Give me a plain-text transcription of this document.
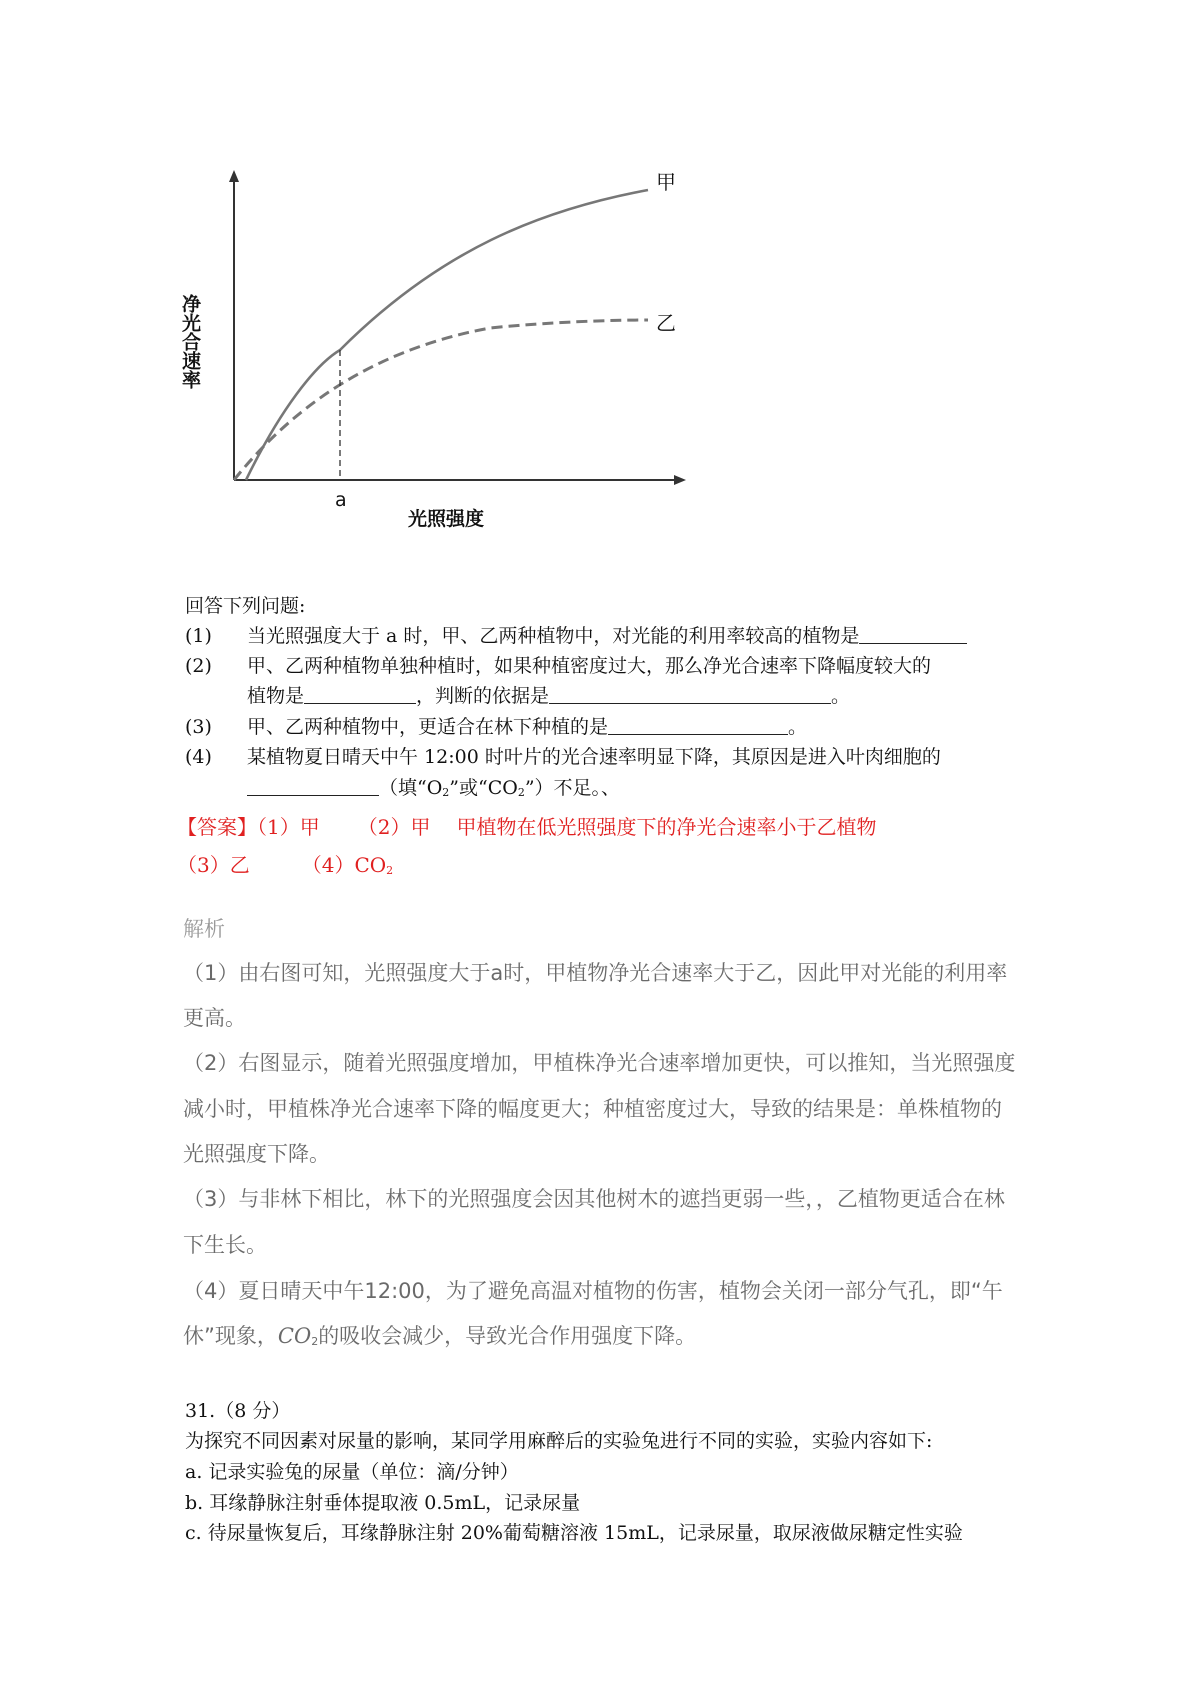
甲
乙
a
光照强度
净光合速率
回答下列问题:
(1) 当光照强度大于 a 时，甲、乙两种植物中，对光能的利用率较高的植物是
(2) 甲、乙两种植物单独种植时，如果种植密度过大，那么净光合速率下降幅度较大的
植物是	，判断的依据是	。
(3) 甲、乙两种植物中，更适合在林下种植的是	。
(4) 某植物夏日晴天中午 12:00 时叶片的光合速率明显下降，其原因是进入叶肉细胞的
（填“$O_2$”或“$CO_2$”）不足。、
【答案】（1）甲 （2）甲 甲植物在低光照强度下的净光合速率小于乙植物
（3）乙	$(4)CO_2$
解析
（1）由右图可知，光照强度大于a时，甲植物净光合速率大于乙，因此甲对光能的利用率
更高。
（2）右图显示，随着光照强度增加，甲植株净光合速率增加更快，可以推知，当光照强度
减小时，甲植株净光合速率下降的幅度更大；种植密度过大，导致的结果是：单株植物的
光照强度下降。
（3）与非林下相比，林下的光照强度会因其他树木的遮挡更弱一些，，乙植物更适合在林
下生长。
（4）夏日晴天中午12:00，为了避免高温对植物的伤害，植物会关闭一部分气孔，即“午
休”现象，$CO_2$的吸收会减少，导致光合作用强度下降。
31.（8 分）
为探究不同因素对尿量的影响，某同学用麻醉后的实验兔进行不同的实验，实验内容如下:
a. 记录实验兔的尿量（单位：滴/分钟）
b. 耳缘静脉注射垂体提取液 0.5mL，记录尿量
c. 待尿量恢复后，耳缘静脉注射 20%葡萄糖溶液 15mL，记录尿量，取尿液做尿糖定性实验
